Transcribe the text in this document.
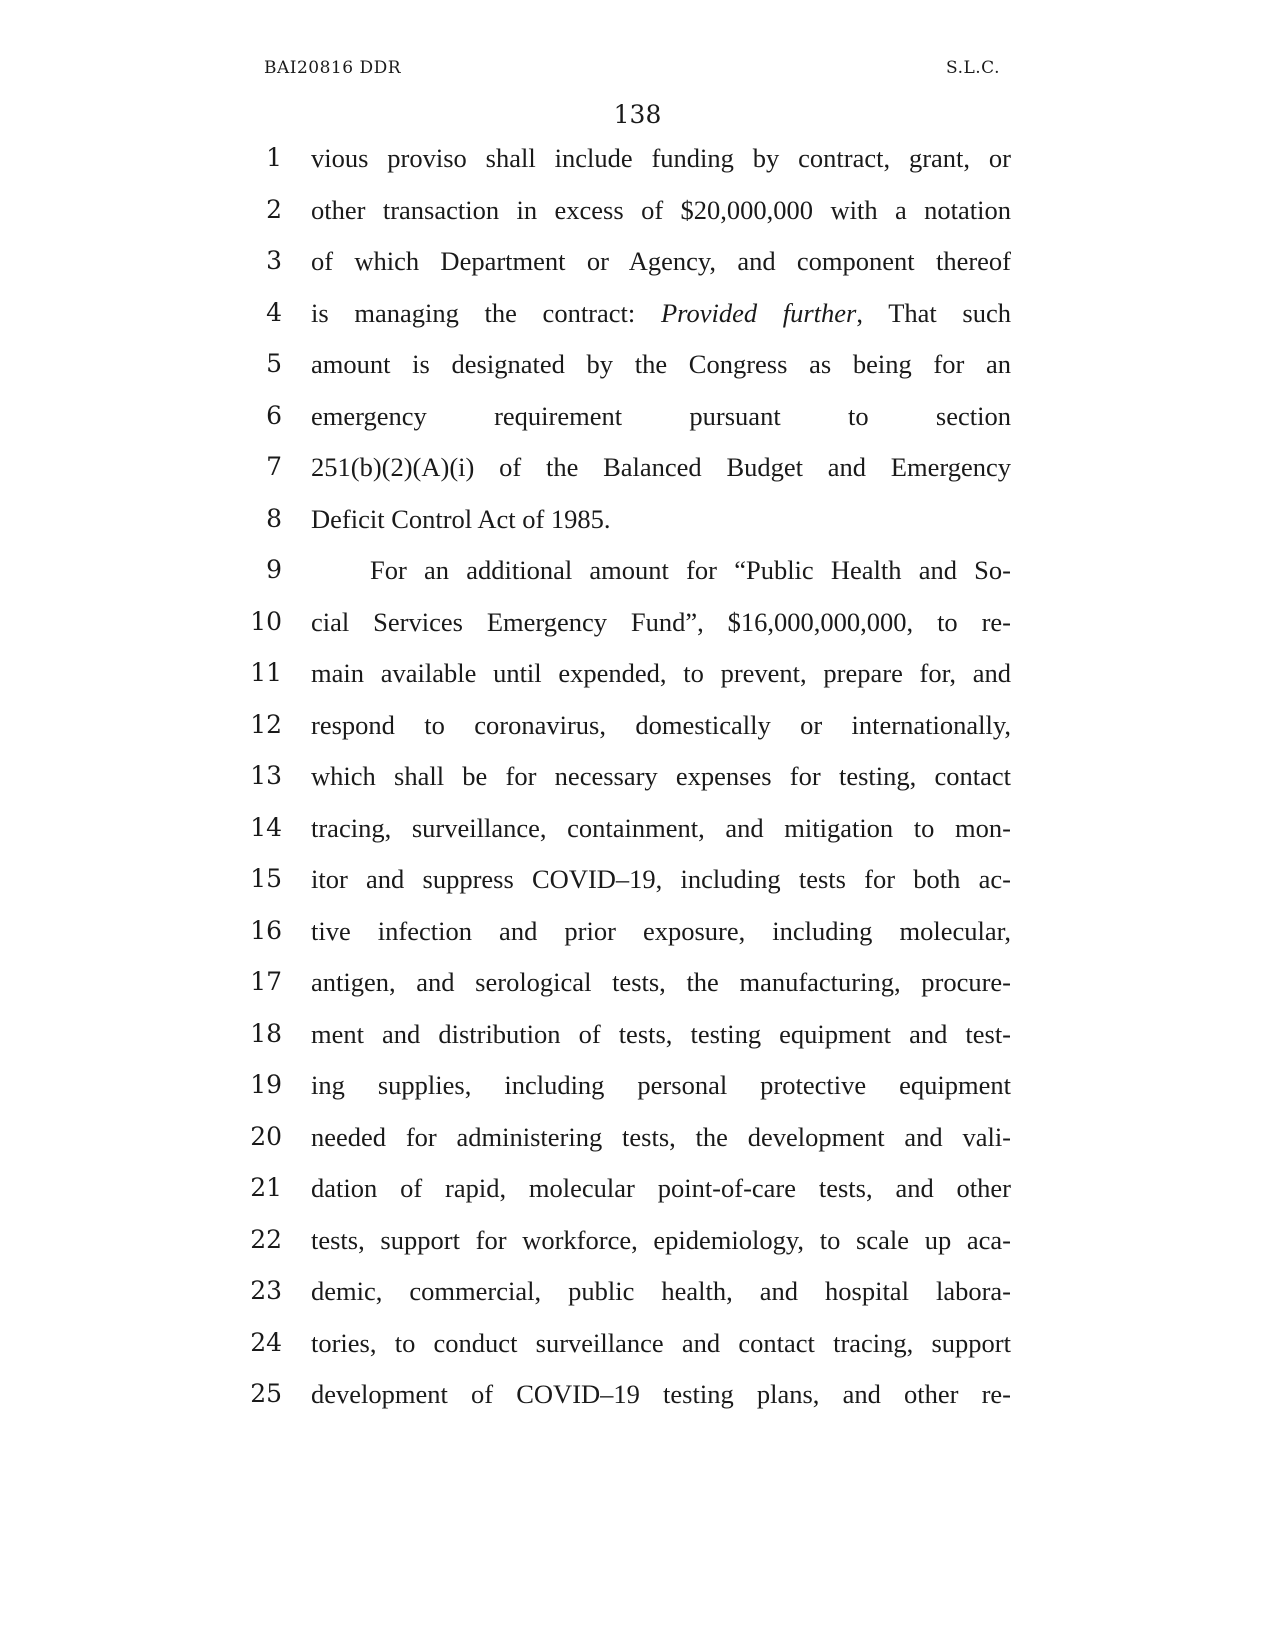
BAI20816 DDR	S.L.C.
138
1 vious proviso shall include funding by contract, grant, or
2 other transaction in excess of $20,000,000 with a notation
3 of which Department or Agency, and component thereof
4 is managing the contract: Provided further, That such
5 amount is designated by the Congress as being for an
6 emergency requirement pursuant to section
7 251(b)(2)(A)(i) of the Balanced Budget and Emergency
8 Deficit Control Act of 1985.
9	For an additional amount for “Public Health and So-
10 cial Services Emergency Fund”, $16,000,000,000, to re-
11 main available until expended, to prevent, prepare for, and
12 respond to coronavirus, domestically or internationally,
13 which shall be for necessary expenses for testing, contact
14 tracing, surveillance, containment, and mitigation to mon-
15 itor and suppress COVID–19, including tests for both ac-
16 tive infection and prior exposure, including molecular,
17 antigen, and serological tests, the manufacturing, procure-
18 ment and distribution of tests, testing equipment and test-
19 ing supplies, including personal protective equipment
20 needed for administering tests, the development and vali-
21 dation of rapid, molecular point-of-care tests, and other
22 tests, support for workforce, epidemiology, to scale up aca-
23 demic, commercial, public health, and hospital labora-
24 tories, to conduct surveillance and contact tracing, support
25 development of COVID–19 testing plans, and other re-
